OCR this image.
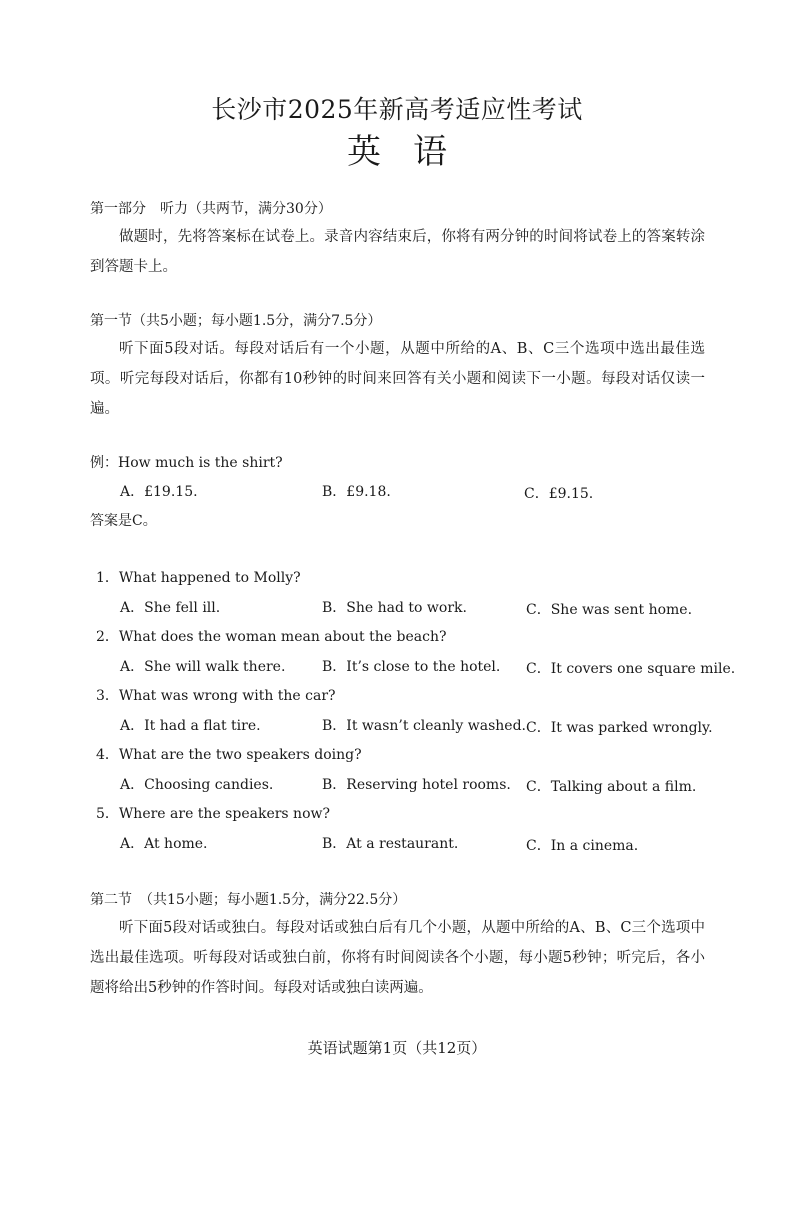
长沙市2025年新高考适应性考试
英语
第一部分　听力（共两节，满分30分）
做题时，先将答案标在试卷上。录音内容结束后，你将有两分钟的时间将试卷上的答案转涂到答题卡上。
第一节（共5小题；每小题1.5分，满分7.5分）
听下面5段对话。每段对话后有一个小题，从题中所给的A、B、C三个选项中选出最佳选项。听完每段对话后，你都有10秒钟的时间来回答有关小题和阅读下一小题。每段对话仅读一遍。
例：How much is the shirt?
A．£19.15.	B．£9.18.	C．£9.15.
答案是C。
1．What happened to Molly?
A．She fell ill.	B．She had to work.	C．She was sent home.
2．What does the woman mean about the beach?
A．She will walk there.	B．It’s close to the hotel. C．It covers one square mile.
3．What was wrong with the car?
A．It had a flat tire.	B．It wasn’t cleanly washed. C．It was parked wrongly.
4．What are the two speakers doing?
A．Choosing candies.	B．Reserving hotel rooms. C．Talking about a film.
5．Where are the speakers now?
A．At home.	B．At a restaurant.	C．In a cinema.
第二节　（共15小题；每小题1.5分，满分22.5分）
听下面5段对话或独白。每段对话或独白后有几个小题，从题中所给的A、B、C三个选项中选出最佳选项。听每段对话或独白前，你将有时间阅读各个小题，每小题5秒钟；听完后，各小题将给出5秒钟的作答时间。每段对话或独白读两遍。
英语试题第1页（共12页）
